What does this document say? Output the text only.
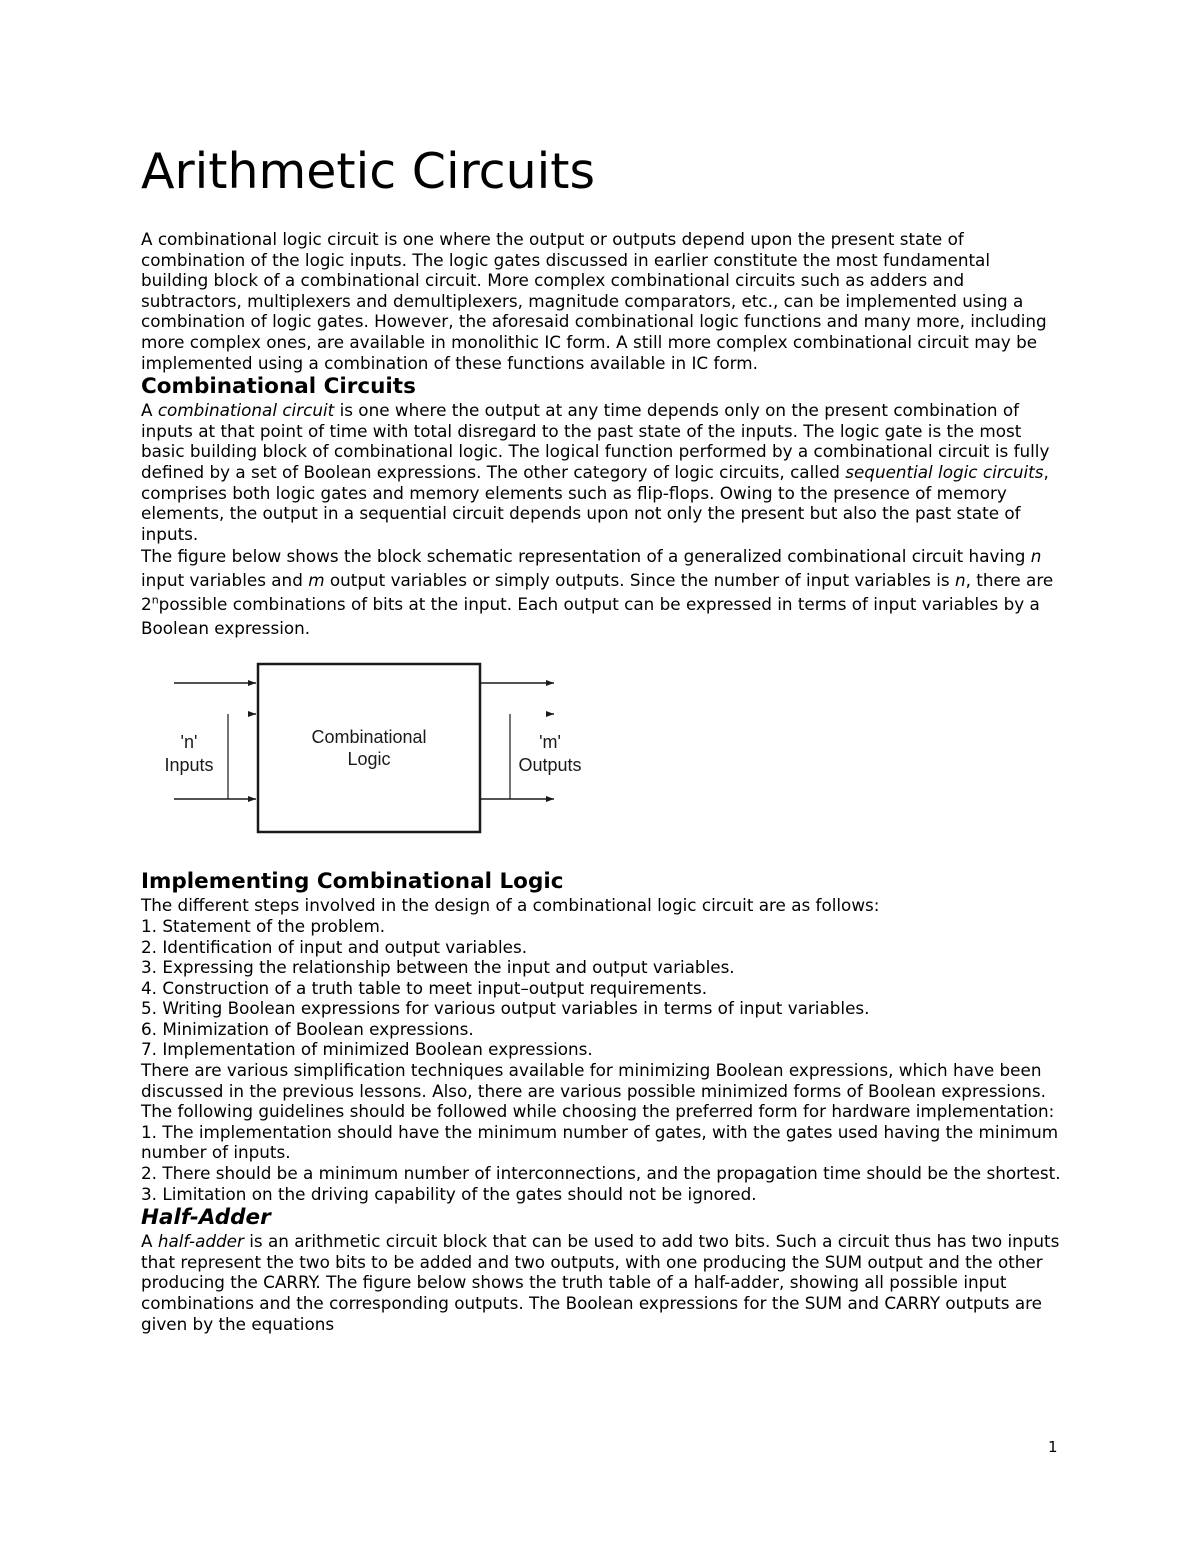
Arithmetic Circuits

A combinational logic circuit is one where the output or outputs depend upon the present state of combination of the logic inputs. The logic gates discussed in earlier constitute the most fundamental building block of a combinational circuit. More complex combinational circuits such as adders and subtractors, multiplexers and demultiplexers, magnitude comparators, etc., can be implemented using a combination of logic gates. However, the aforesaid combinational logic functions and many more, including more complex ones, are available in monolithic IC form. A still more complex combinational circuit may be implemented using a combination of these functions available in IC form.

Combinational Circuits

A combinational circuit is one where the output at any time depends only on the present combination of inputs at that point of time with total disregard to the past state of the inputs. The logic gate is the most basic building block of combinational logic. The logical function performed by a combinational circuit is fully defined by a set of Boolean expressions. The other category of logic circuits, called sequential logic circuits, comprises both logic gates and memory elements such as flip-flops. Owing to the presence of memory elements, the output in a sequential circuit depends upon not only the present but also the past state of inputs.

The figure below shows the block schematic representation of a generalized combinational circuit having n input variables and m output variables or simply outputs. Since the number of input variables is n, there are 2$^n$possible combinations of bits at the input. Each output can be expressed in terms of input variables by a Boolean expression.

Combinational
Logic
'n'
Inputs
'm'
Outputs
Implementing Combinational Logic

The different steps involved in the design of a combinational logic circuit are as follows:

1. Statement of the problem.

2. Identification of input and output variables.

3. Expressing the relationship between the input and output variables.

4. Construction of a truth table to meet input–output requirements.

5. Writing Boolean expressions for various output variables in terms of input variables.

6. Minimization of Boolean expressions.

7. Implementation of minimized Boolean expressions.

There are various simplification techniques available for minimizing Boolean expressions, which have been discussed in the previous lessons. Also, there are various possible minimized forms of Boolean expressions. The following guidelines should be followed while choosing the preferred form for hardware implementation:

1. The implementation should have the minimum number of gates, with the gates used having the minimum number of inputs.

2. There should be a minimum number of interconnections, and the propagation time should be the shortest.

3. Limitation on the driving capability of the gates should not be ignored.

Half-Adder

A half-adder is an arithmetic circuit block that can be used to add two bits. Such a circuit thus has two inputs that represent the two bits to be added and two outputs, with one producing the SUM output and the other producing the CARRY. The figure below shows the truth table of a half-adder, showing all possible input combinations and the corresponding outputs. The Boolean expressions for the SUM and CARRY outputs are given by the equations

1
